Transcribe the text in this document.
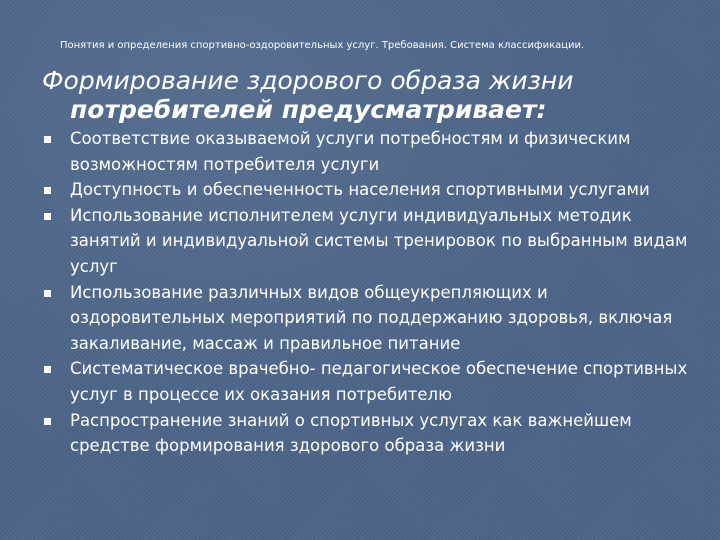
Понятия и определения спортивно-оздоровительных услуг. Требования. Система классификации.
Формирование здорового образа жизни
потребителей предусматривает:
Соответствие оказываемой услуги потребностям и физическим возможностям потребителя услуги
Доступность и обеспеченность населения спортивными услугами
Использование исполнителем услуги индивидуальных методик занятий и индивидуальной системы тренировок по выбранным видам услуг
Использование различных видов общеукрепляющих и оздоровительных мероприятий по поддержанию здоровья, включая закаливание, массаж и правильное питание
Систематическое врачебно- педагогическое обеспечение спортивных услуг в процессе их оказания потребителю
Распространение знаний о спортивных услугах как важнейшем средстве формирования здорового образа жизни
